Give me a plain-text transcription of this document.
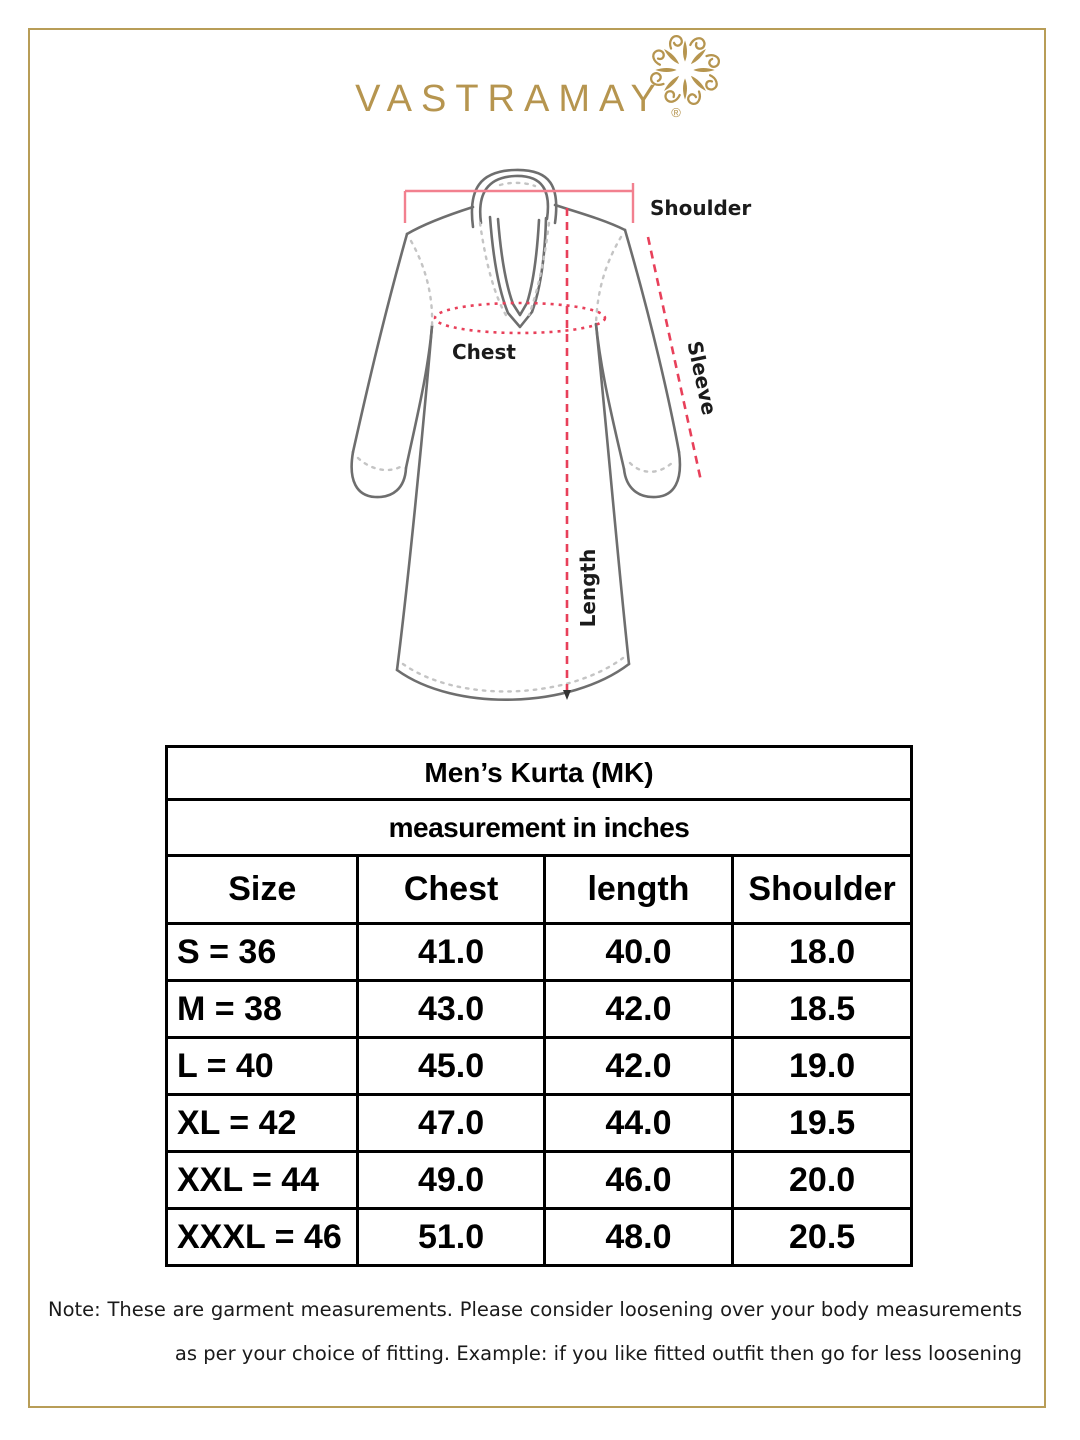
VASTRAMAY ®
Shoulder
Chest
Length
Sleeve
Men’s Kurta (MK)			
measurement in inches			
Size	Chest	length	Shoulder
S = 36	41.0	40.0	18.0
M = 38	43.0	42.0	18.5
L = 40	45.0	42.0	19.0
XL = 42	47.0	44.0	19.5
XXL = 44	49.0	46.0	20.0
XXXL = 46	51.0	48.0	20.5
Note: These are garment measurements. Please consider loosening over your body measurements
as per your choice of fitting. Example: if you like fitted outfit then go for less loosening
